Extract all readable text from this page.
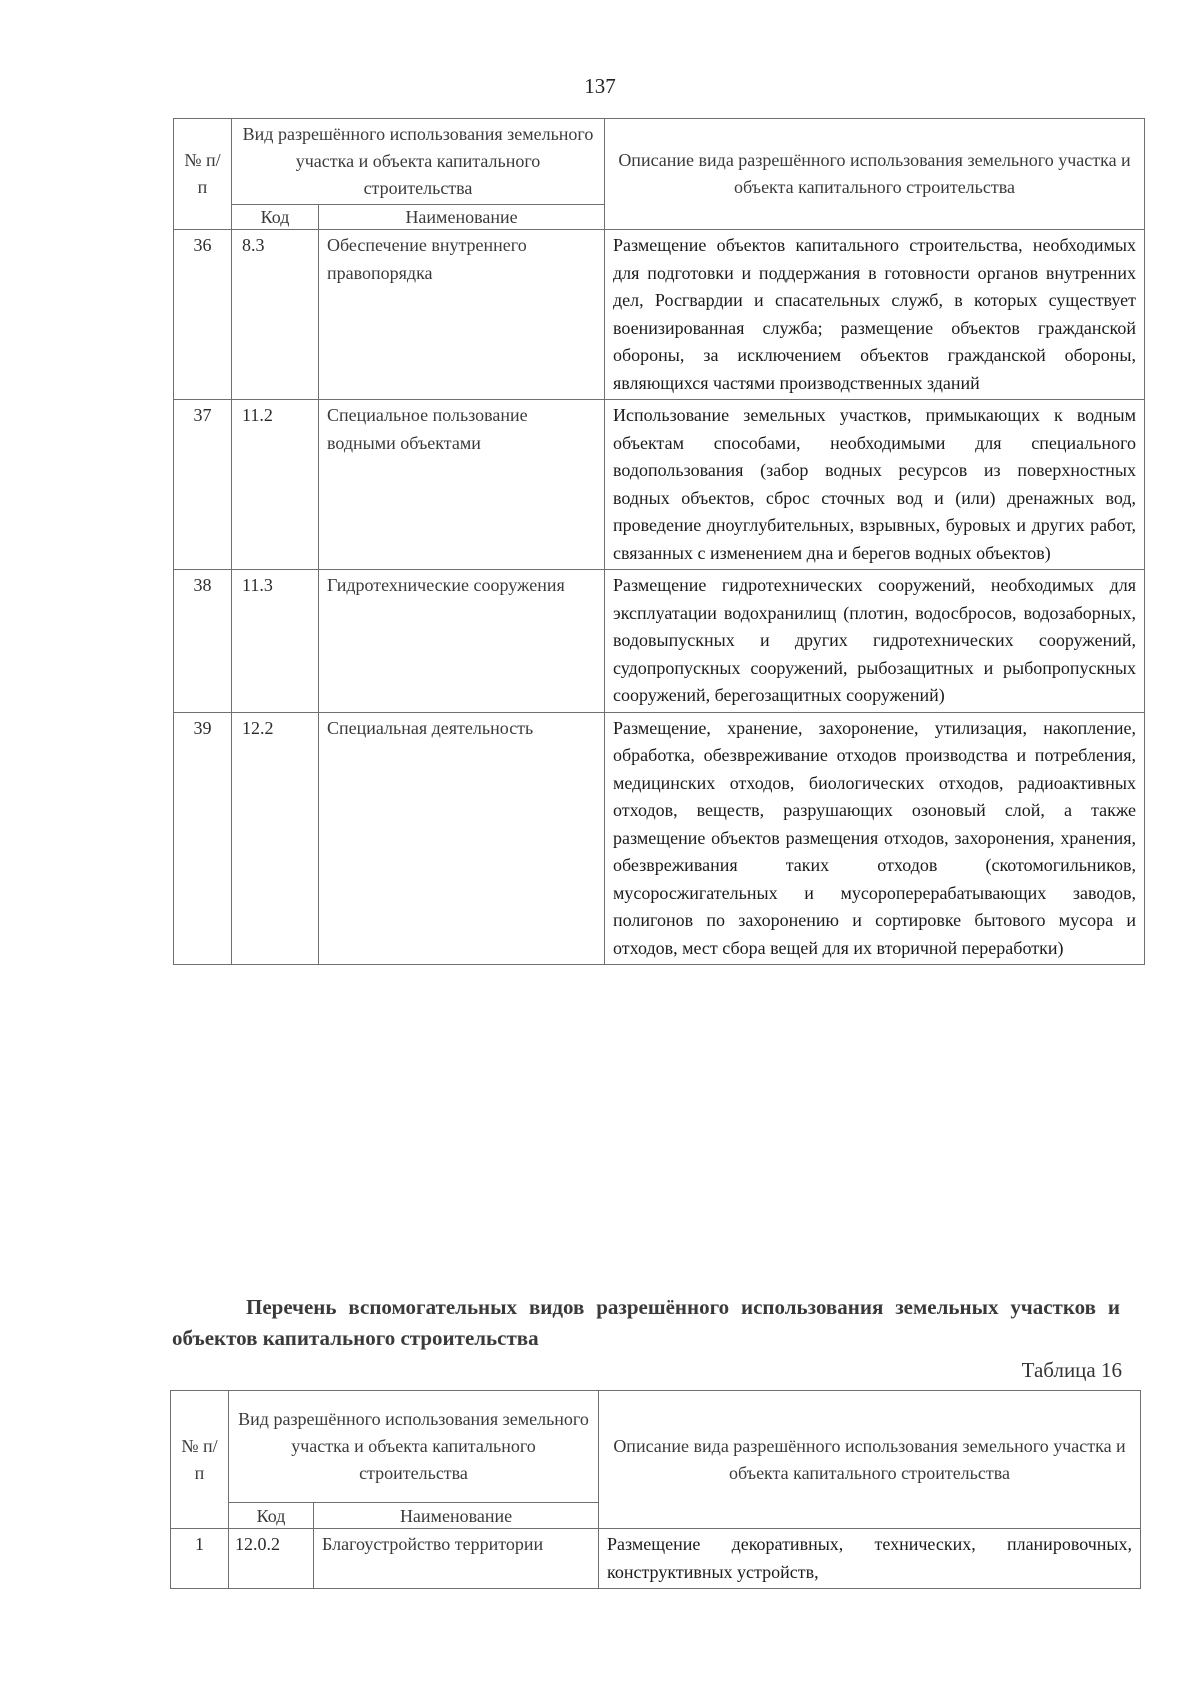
137
№ п/п	Вид разрешённого использования земельного участка и объекта капитального строительства		Описание вида разрешённого использования земельного участка и объекта капитального строительства
	Код	Наименование	
36	8.3	Обеспечение внутреннего правопорядка	Размещение объектов капитального строительства, необходимых для подготовки и поддержания в готовности органов внутренних дел, Росгвардии и спасательных служб, в которых существует военизированная служба; размещение объектов гражданской обороны, за исключением объектов гражданской обороны, являющихся частями производственных зданий
37	11.2	Специальное пользование водными объектами	Использование земельных участков, примыкающих к водным объектам способами, необходимыми для специального водопользования (забор водных ресурсов из поверхностных водных объектов, сброс сточных вод и (или) дренажных вод, проведение дноуглубительных, взрывных, буровых и других работ, связанных с изменением дна и берегов водных объектов)
38	11.3	Гидротехнические сооружения	Размещение гидротехнических сооружений, необходимых для эксплуатации водохранилищ (плотин, водосбросов, водозаборных, водовыпускных и других гидротехнических сооружений, судопропускных сооружений, рыбозащитных и рыбопропускных сооружений, берегозащитных сооружений)
39	12.2	Специальная деятельность	Размещение, хранение, захоронение, утилизация, накопление, обработка, обезвреживание отходов производства и потребления, медицинских отходов, биологических отходов, радиоактивных отходов, веществ, разрушающих озоновый слой, а также размещение объектов размещения отходов, захоронения, хранения, обезвреживания таких отходов (скотомогильников, мусоросжигательных и мусороперерабатывающих заводов, полигонов по захоронению и сортировке бытового мусора и отходов, мест сбора вещей для их вторичной переработки)
Перечень вспомогательных видов разрешённого использования земельных участков и объектов капитального строительства
Таблица 16
№ п/п	Вид разрешённого использования земельного участка и объекта капитального строительства		Описание вида разрешённого использования земельного участка и объекта капитального строительства
	Код	Наименование	
1	12.0.2	Благоустройство территории	Размещение декоративных, технических, планировочных, конструктивных устройств,
